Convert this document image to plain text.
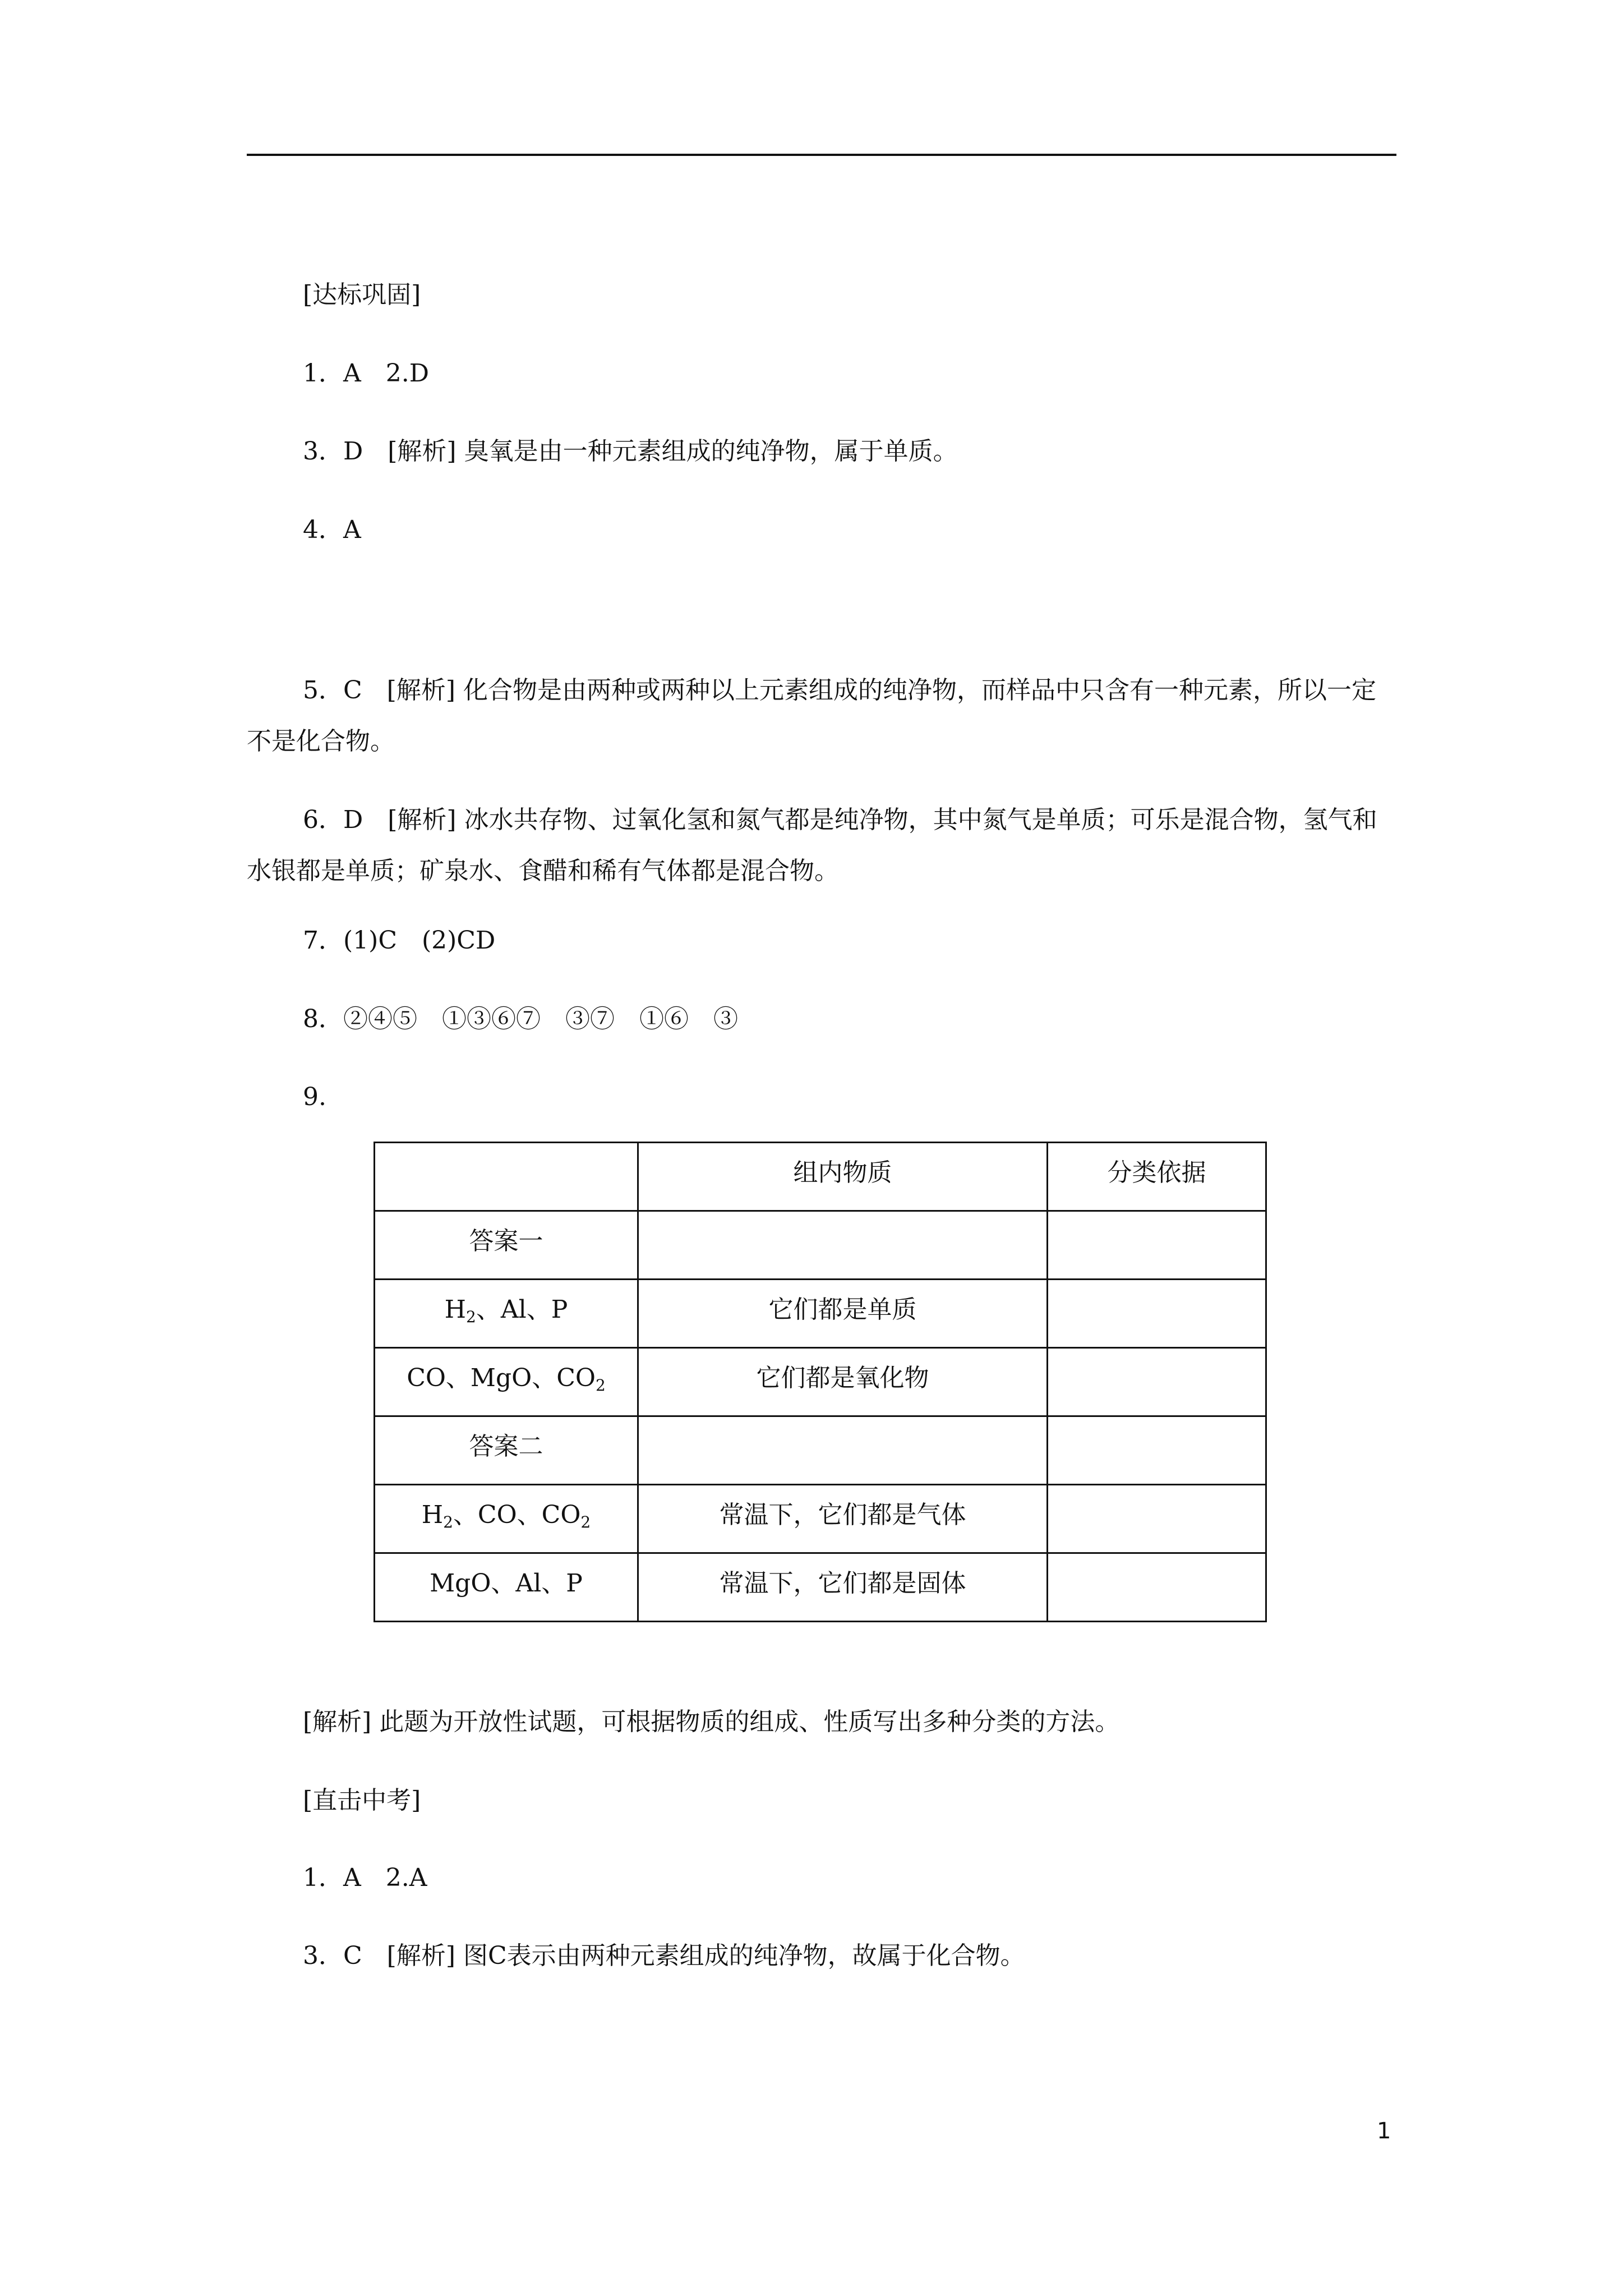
[达标巩固]
1．A　2.D
3．D　[解析] 臭氧是由一种元素组成的纯净物，属于单质。
4．A
5．C　[解析] 化合物是由两种或两种以上元素组成的纯净物，而样品中只含有一种元素，所以一定不是化合物。
6．D　[解析] 冰水共存物、过氧化氢和氮气都是纯净物，其中氮气是单质；可乐是混合物，氢气和水银都是单质；矿泉水、食醋和稀有气体都是混合物。
7．(1)C　(2)CD
8．②④⑤　①③⑥⑦　③⑦　①⑥　③
9.
	组内物质	分类依据
答案一		
$H_2$、Al、P	它们都是单质	
CO、MgO、$CO_2$	它们都是氧化物	
答案二		
$H_2$、CO、$CO_2$	常温下，它们都是气体	
MgO、Al、P	常温下，它们都是固体	
[解析] 此题为开放性试题，可根据物质的组成、性质写出多种分类的方法。
[直击中考]
1．A　2.A
3．C　[解析] 图C表示由两种元素组成的纯净物，故属于化合物。
1
